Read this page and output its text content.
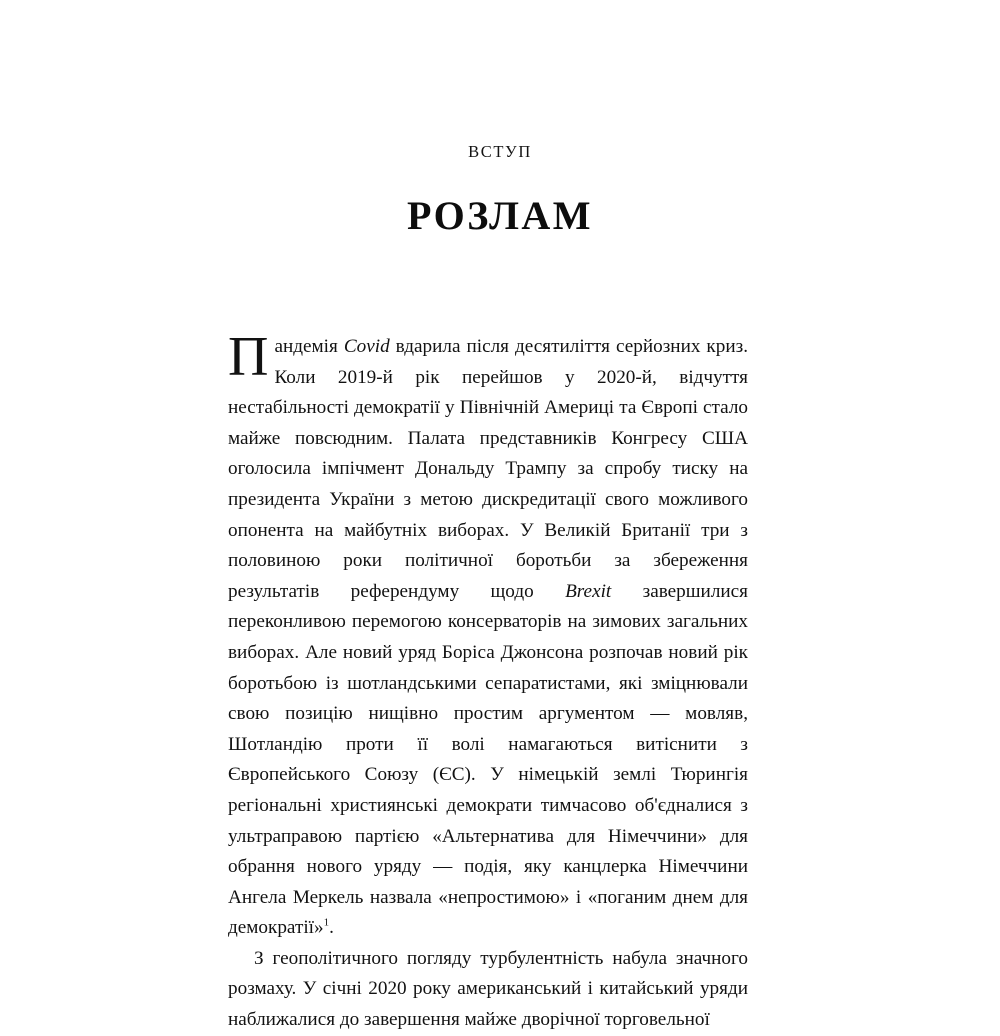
ВСТУП
РОЗЛАМ

Пандемія Covid вдарила після десятиліття серйозних криз. Коли 2019-й рік перейшов у 2020-й, відчуття нестабільності демократії у Північній Америці та Європі стало майже повсюдним. Палата представників Конгресу США оголосила імпічмент Дональду Трампу за спробу тиску на президента України з метою дискредитації свого можливого опонента на майбутніх виборах. У Великій Британії три з половиною роки політичної боротьби за збереження результатів референдуму щодо Brexit завершилися переконливою перемогою консерваторів на зимових загальних виборах. Але новий уряд Боріса Джонсона розпочав новий рік боротьбою із шотландськими сепаратистами, які зміцнювали свою позицію нищівно простим аргументом — мовляв, Шотландію проти її волі намагаються витіснити з Європейського Союзу (ЄС). У німецькій землі Тюрингія регіональні християнські демократи тимчасово об'єдналися з ультраправою партією «Альтернатива для Німеччини» для обрання нового уряду — подія, яку канцлерка Німеччини Ангела Меркель назвала «непростимою» і «поганим днем для демократії»$^1$.

З геополітичного погляду турбулентність набула значного розмаху. У січні 2020 року американський і китайський уряди наближалися до завершення майже дворічної торговельної
